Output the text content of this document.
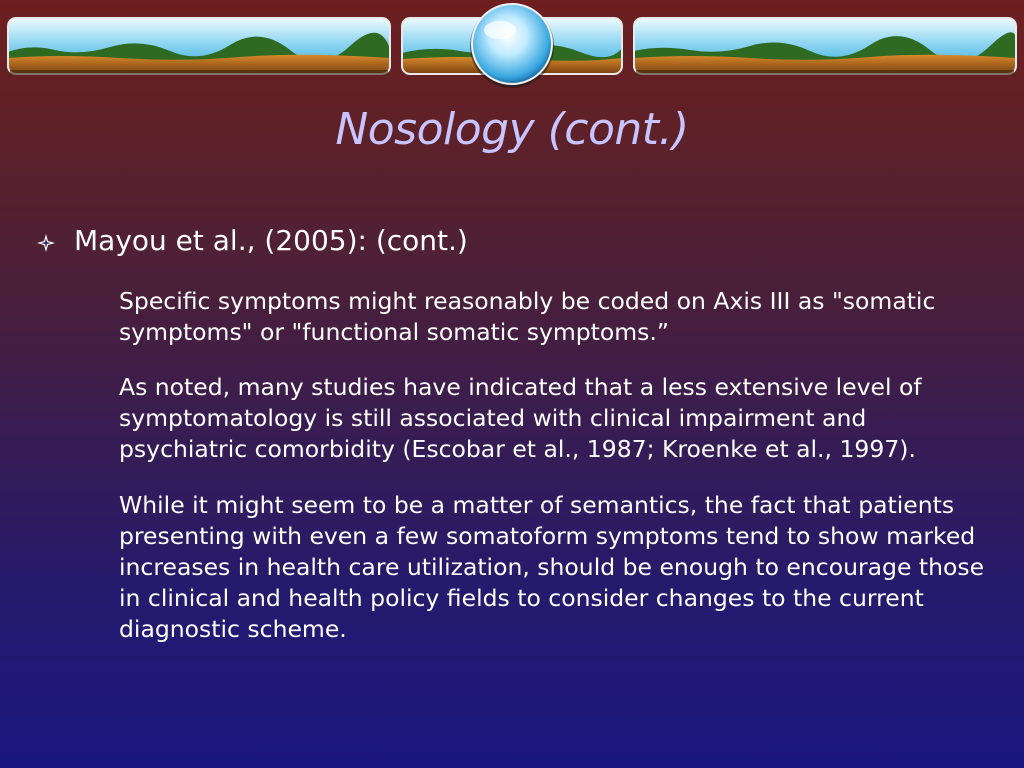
Nosology (cont.)
Mayou et al., (2005): (cont.)

Specific symptoms might reasonably be coded on Axis III as "somatic symptoms" or "functional somatic symptoms.”

As noted, many studies have indicated that a less extensive level of symptomatology is still associated with clinical impairment and psychiatric comorbidity (Escobar et al., 1987; Kroenke et al., 1997).

While it might seem to be a matter of semantics, the fact that patients presenting with even a few somatoform symptoms tend to show marked increases in health care utilization, should be enough to encourage those in clinical and health policy fields to consider changes to the current diagnostic scheme.
